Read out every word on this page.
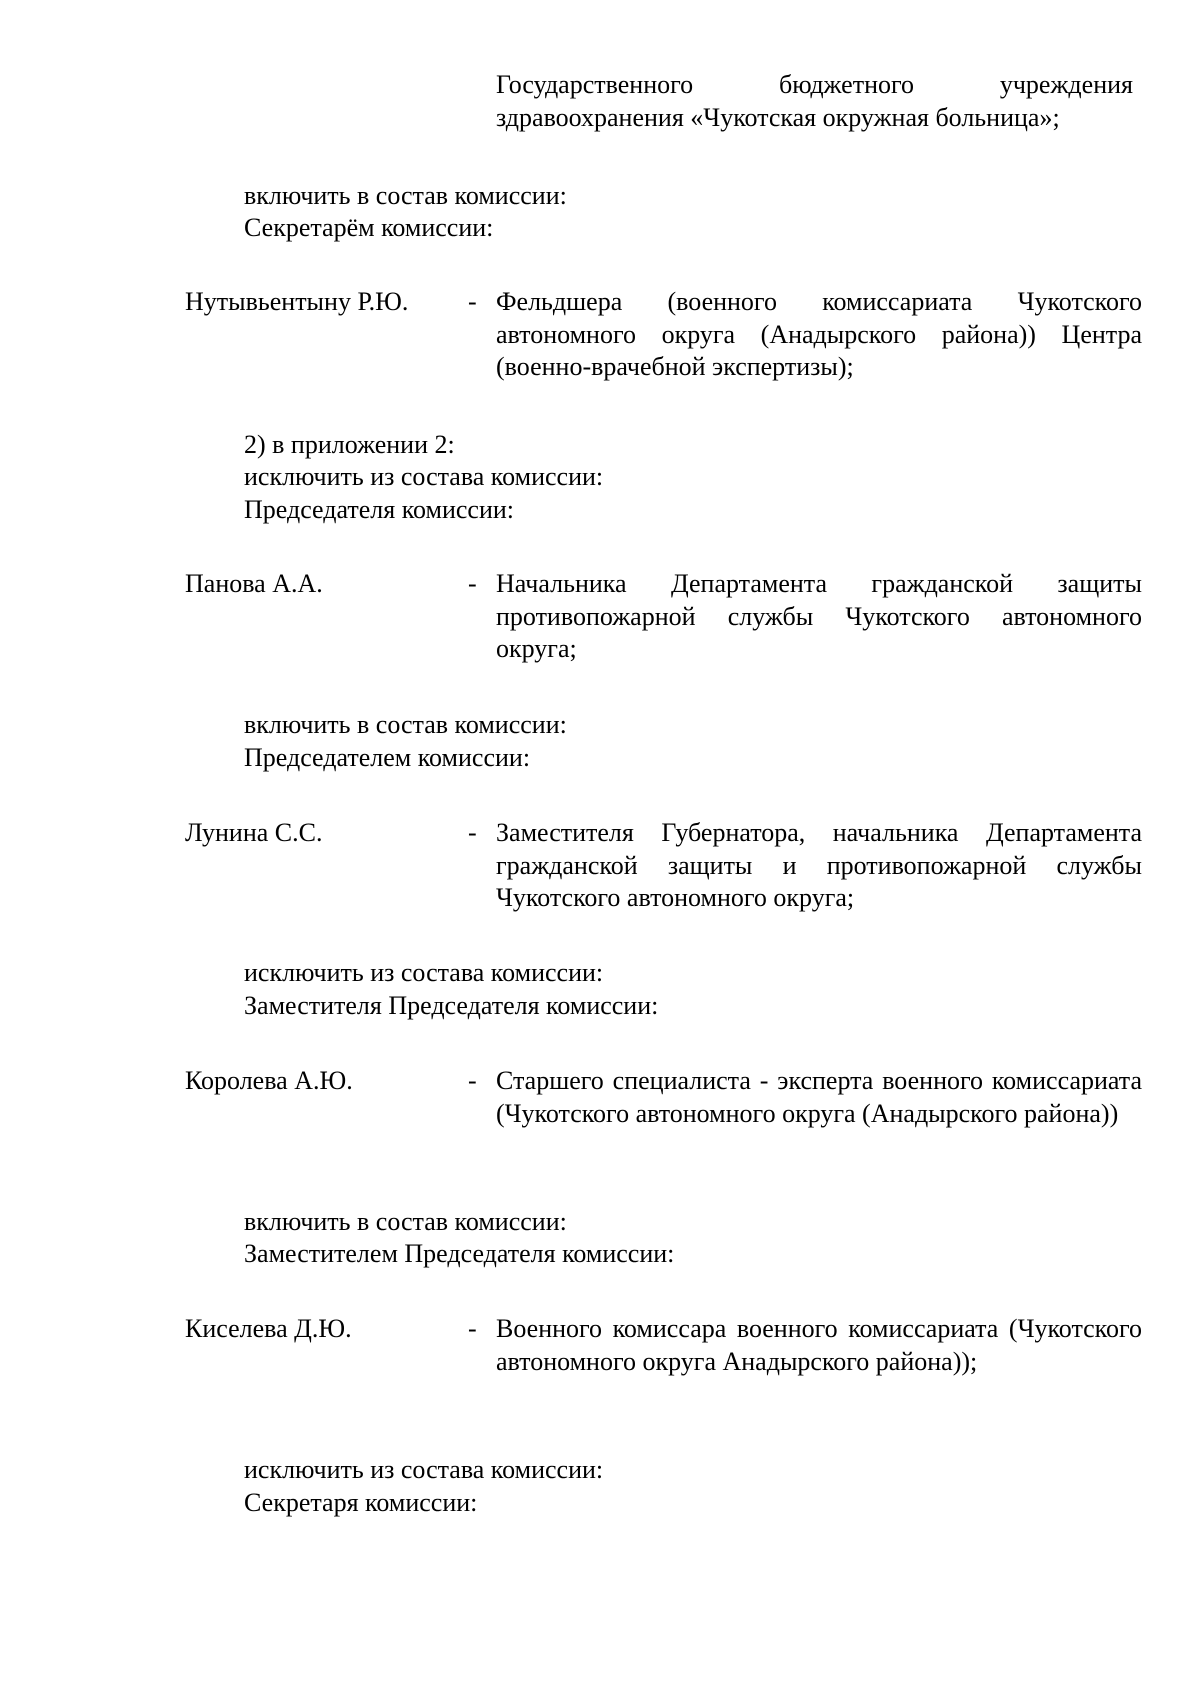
Государственного бюджетного учреждения здравоохранения «Чукотская окружная больница»;
включить в состав комиссии:
Секретарём комиссии:
Нутывьентыну Р.Ю. - Фельдшера (военного комиссариата Чукотского автономного округа (Анадырского района)) Центра (военно-врачебной экспертизы);
2) в приложении 2:
исключить из состава комиссии:
Председателя комиссии:
Панова А.А.	- Начальника Департамента гражданской защиты противопожарной службы Чукотского автономного округа;
включить в состав комиссии:
Председателем комиссии:
Лунина С.С.	- Заместителя Губернатора, начальника Департамента гражданской защиты и противопожарной службы Чукотского автономного округа;
исключить из состава комиссии:
Заместителя Председателя комиссии:
Королева А.Ю.	- Старшего специалиста - эксперта военного комиссариата (Чукотского автономного округа (Анадырского района))
включить в состав комиссии:
Заместителем Председателя комиссии:
Киселева Д.Ю.	- Военного комиссара военного комиссариата (Чукотского автономного округа Анадырского района));
исключить из состава комиссии:
Секретаря комиссии:
